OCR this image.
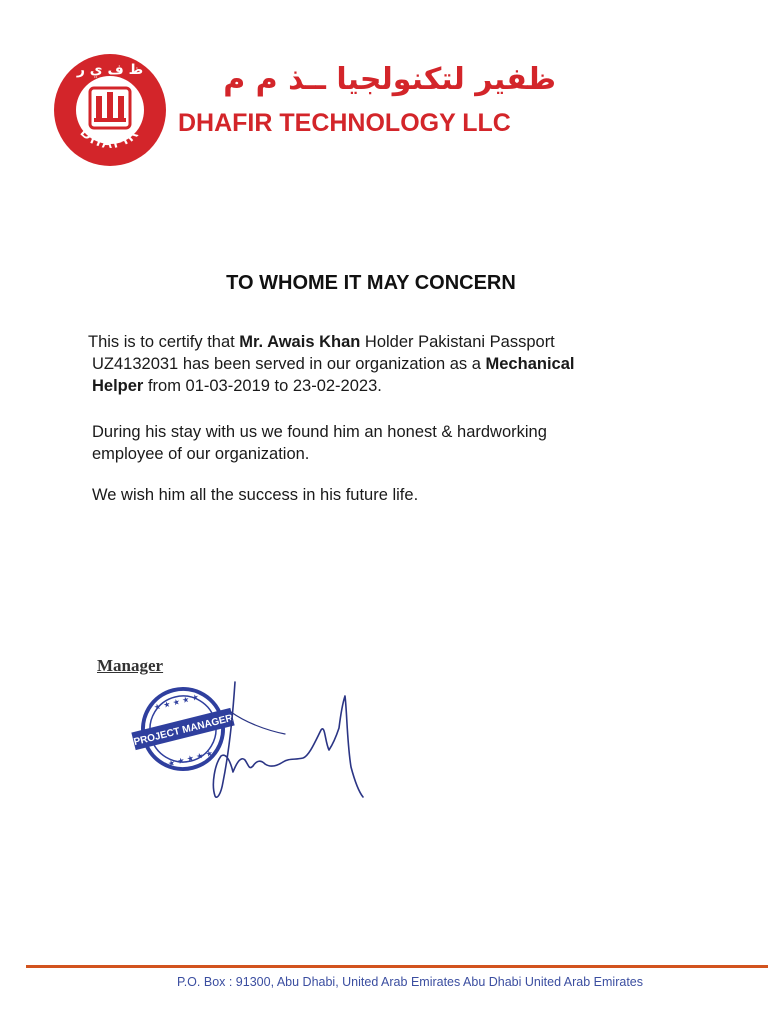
ظ ف ي ر
DHAFIR
ظفير لتكنولجيا ــذ م م
DHAFIR TECHNOLOGY LLC
TO WHOME IT MAY CONCERN

This is to certify that Mr. Awais Khan Holder Pakistani Passport
UZ4132031 has been served in our organization as a Mechanical
Helper from 01-03-2019 to 23-02-2023.

During his stay with us we found him an honest & hardworking
employee of our organization.

We wish him all the success in his future life.

Manager
★ ★ ★ ★ ★
★ ★ ★ ★ ★
PROJECT MANAGER
P.O. Box : 91300, Abu Dhabi, United Arab Emirates Abu Dhabi United Arab Emirates
